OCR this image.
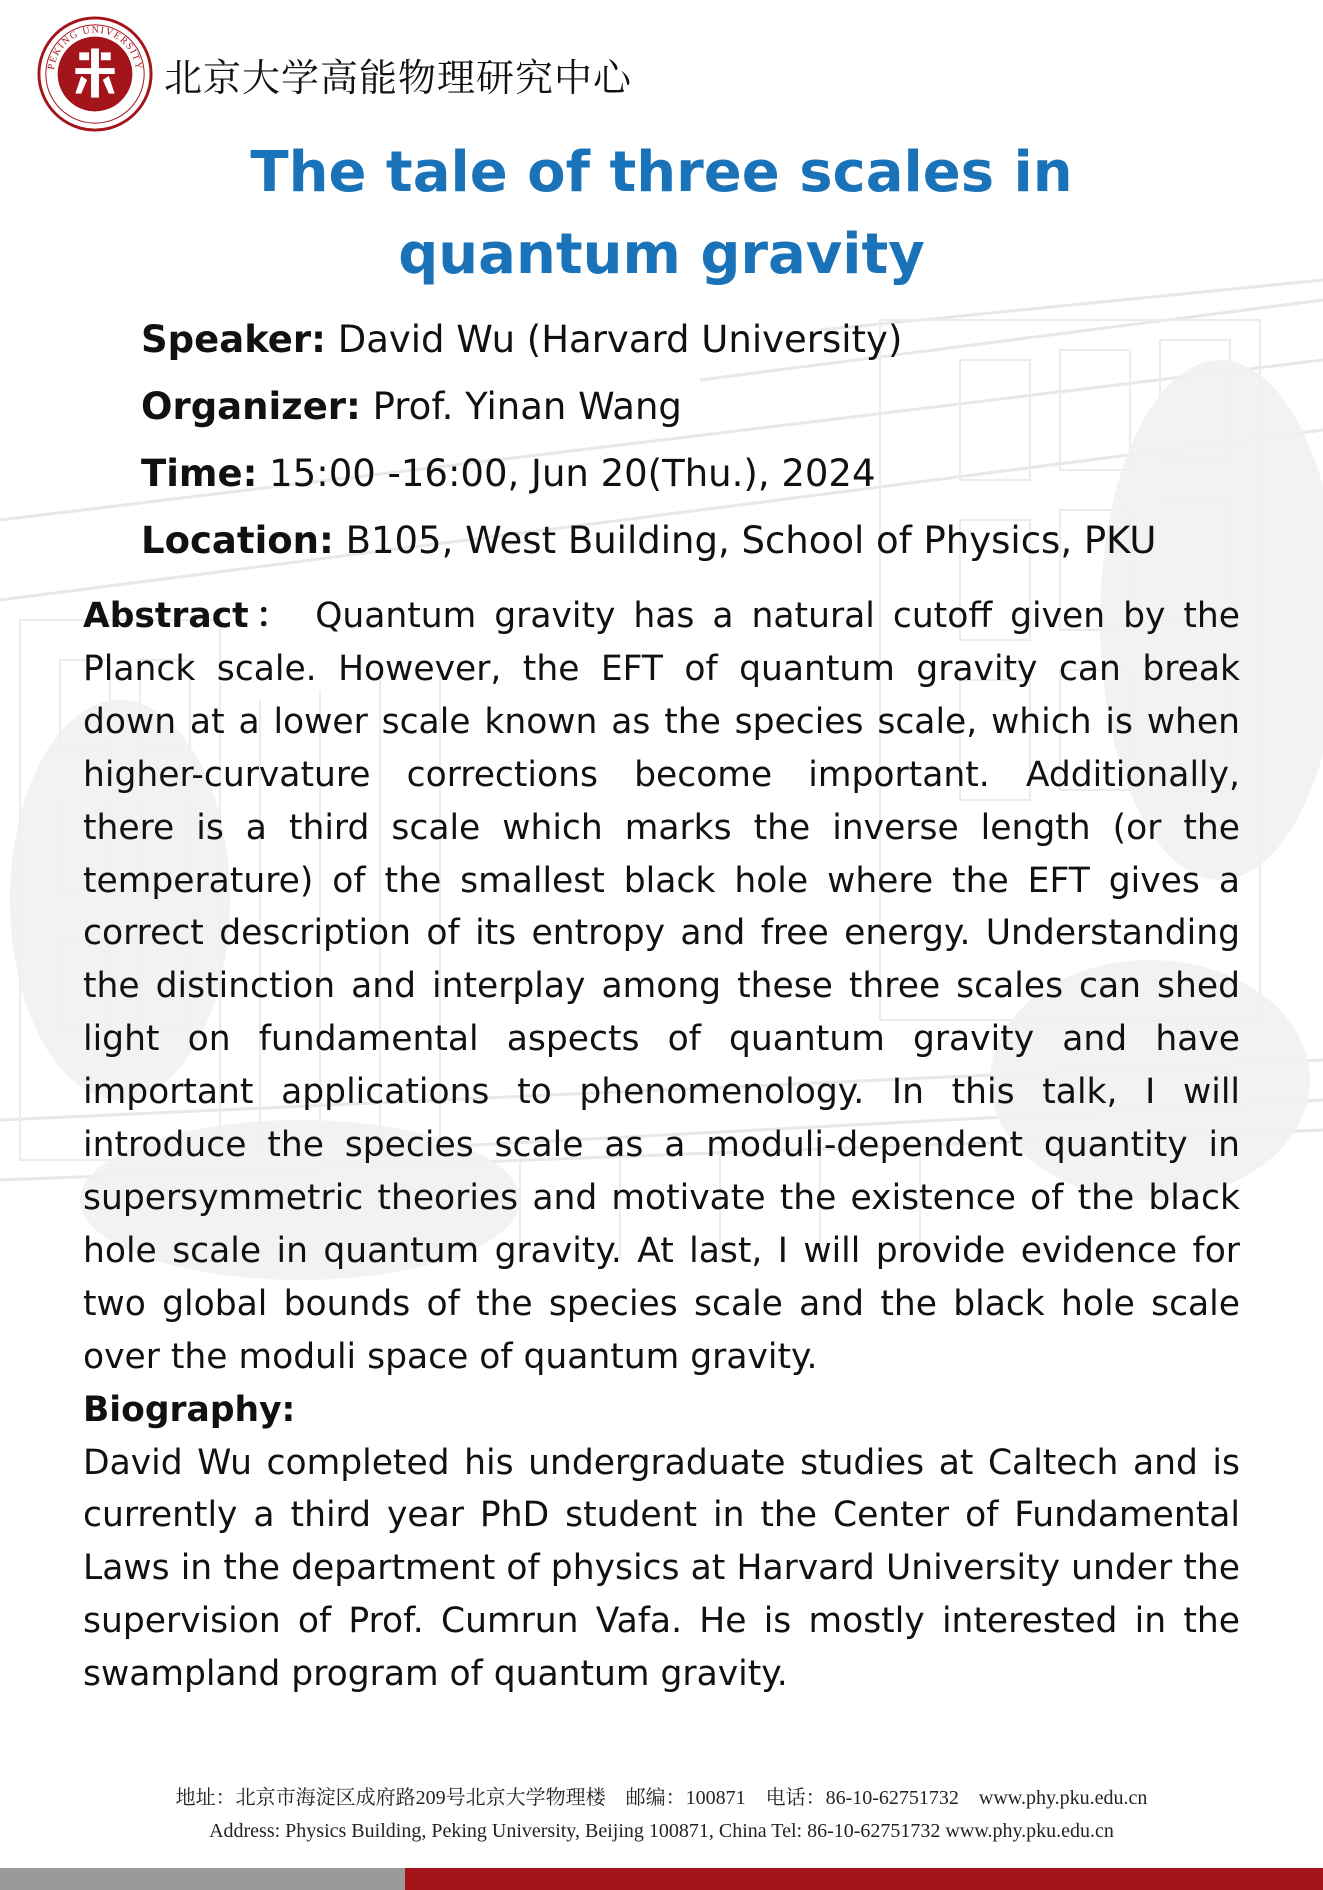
PEKING UNIVERSITY
1898
北京大学高能物理研究中心
The tale of three scales in
quantum gravity
Speaker: David Wu (Harvard University)
Organizer: Prof. Yinan Wang
Time: 15:00 -16:00, Jun 20(Thu.), 2024
Location: B105, West Building, School of Physics, PKU

Abstract： Quantum gravity has a natural cutoff given by the Planck scale. However, the EFT of quantum gravity can break down at a lower scale known as the species scale, which is when higher-curvature corrections become important. Additionally, there is a third scale which marks the inverse length (or the temperature) of the smallest black hole where the EFT gives a correct description of its entropy and free energy. Understanding the distinction and interplay among these three scales can shed light on fundamental aspects of quantum gravity and have important applications to phenomenology. In this talk, I will introduce the species scale as a moduli-dependent quantity in supersymmetric theories and motivate the existence of the black hole scale in quantum gravity. At last, I will provide evidence for two global bounds of the species scale and the black hole scale over the moduli space of quantum gravity.

Biography:

David Wu completed his undergraduate studies at Caltech and is currently a third year PhD student in the Center of Fundamental Laws in the department of physics at Harvard University under the supervision of Prof. Cumrun Vafa. He is mostly interested in the swampland program of quantum gravity.

地址：北京市海淀区成府路209号北京大学物理楼　邮编：100871　电话：86-10-62751732　www.phy.pku.edu.cn
Address: Physics Building, Peking University, Beijing 100871, China Tel: 86-10-62751732 www.phy.pku.edu.cn
